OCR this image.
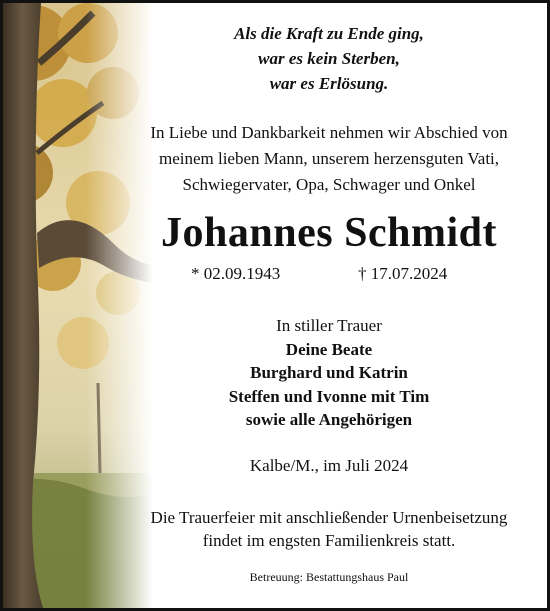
Als die Kraft zu Ende ging,
war es kein Sterben,
war es Erlösung.
In Liebe und Dankbarkeit nehmen wir Abschied von
meinem lieben Mann, unserem herzensguten Vati,
Schwiegervater, Opa, Schwager und Onkel
Johannes Schmidt
* 02.09.1943	† 17.07.2024
In stiller Trauer
Deine Beate
Burghard und Katrin
Steffen und Ivonne mit Tim
sowie alle Angehörigen
Kalbe/M., im Juli 2024
Die Trauerfeier mit anschließender Urnenbeisetzung
findet im engsten Familienkreis statt.
Betreuung: Bestattungshaus Paul
